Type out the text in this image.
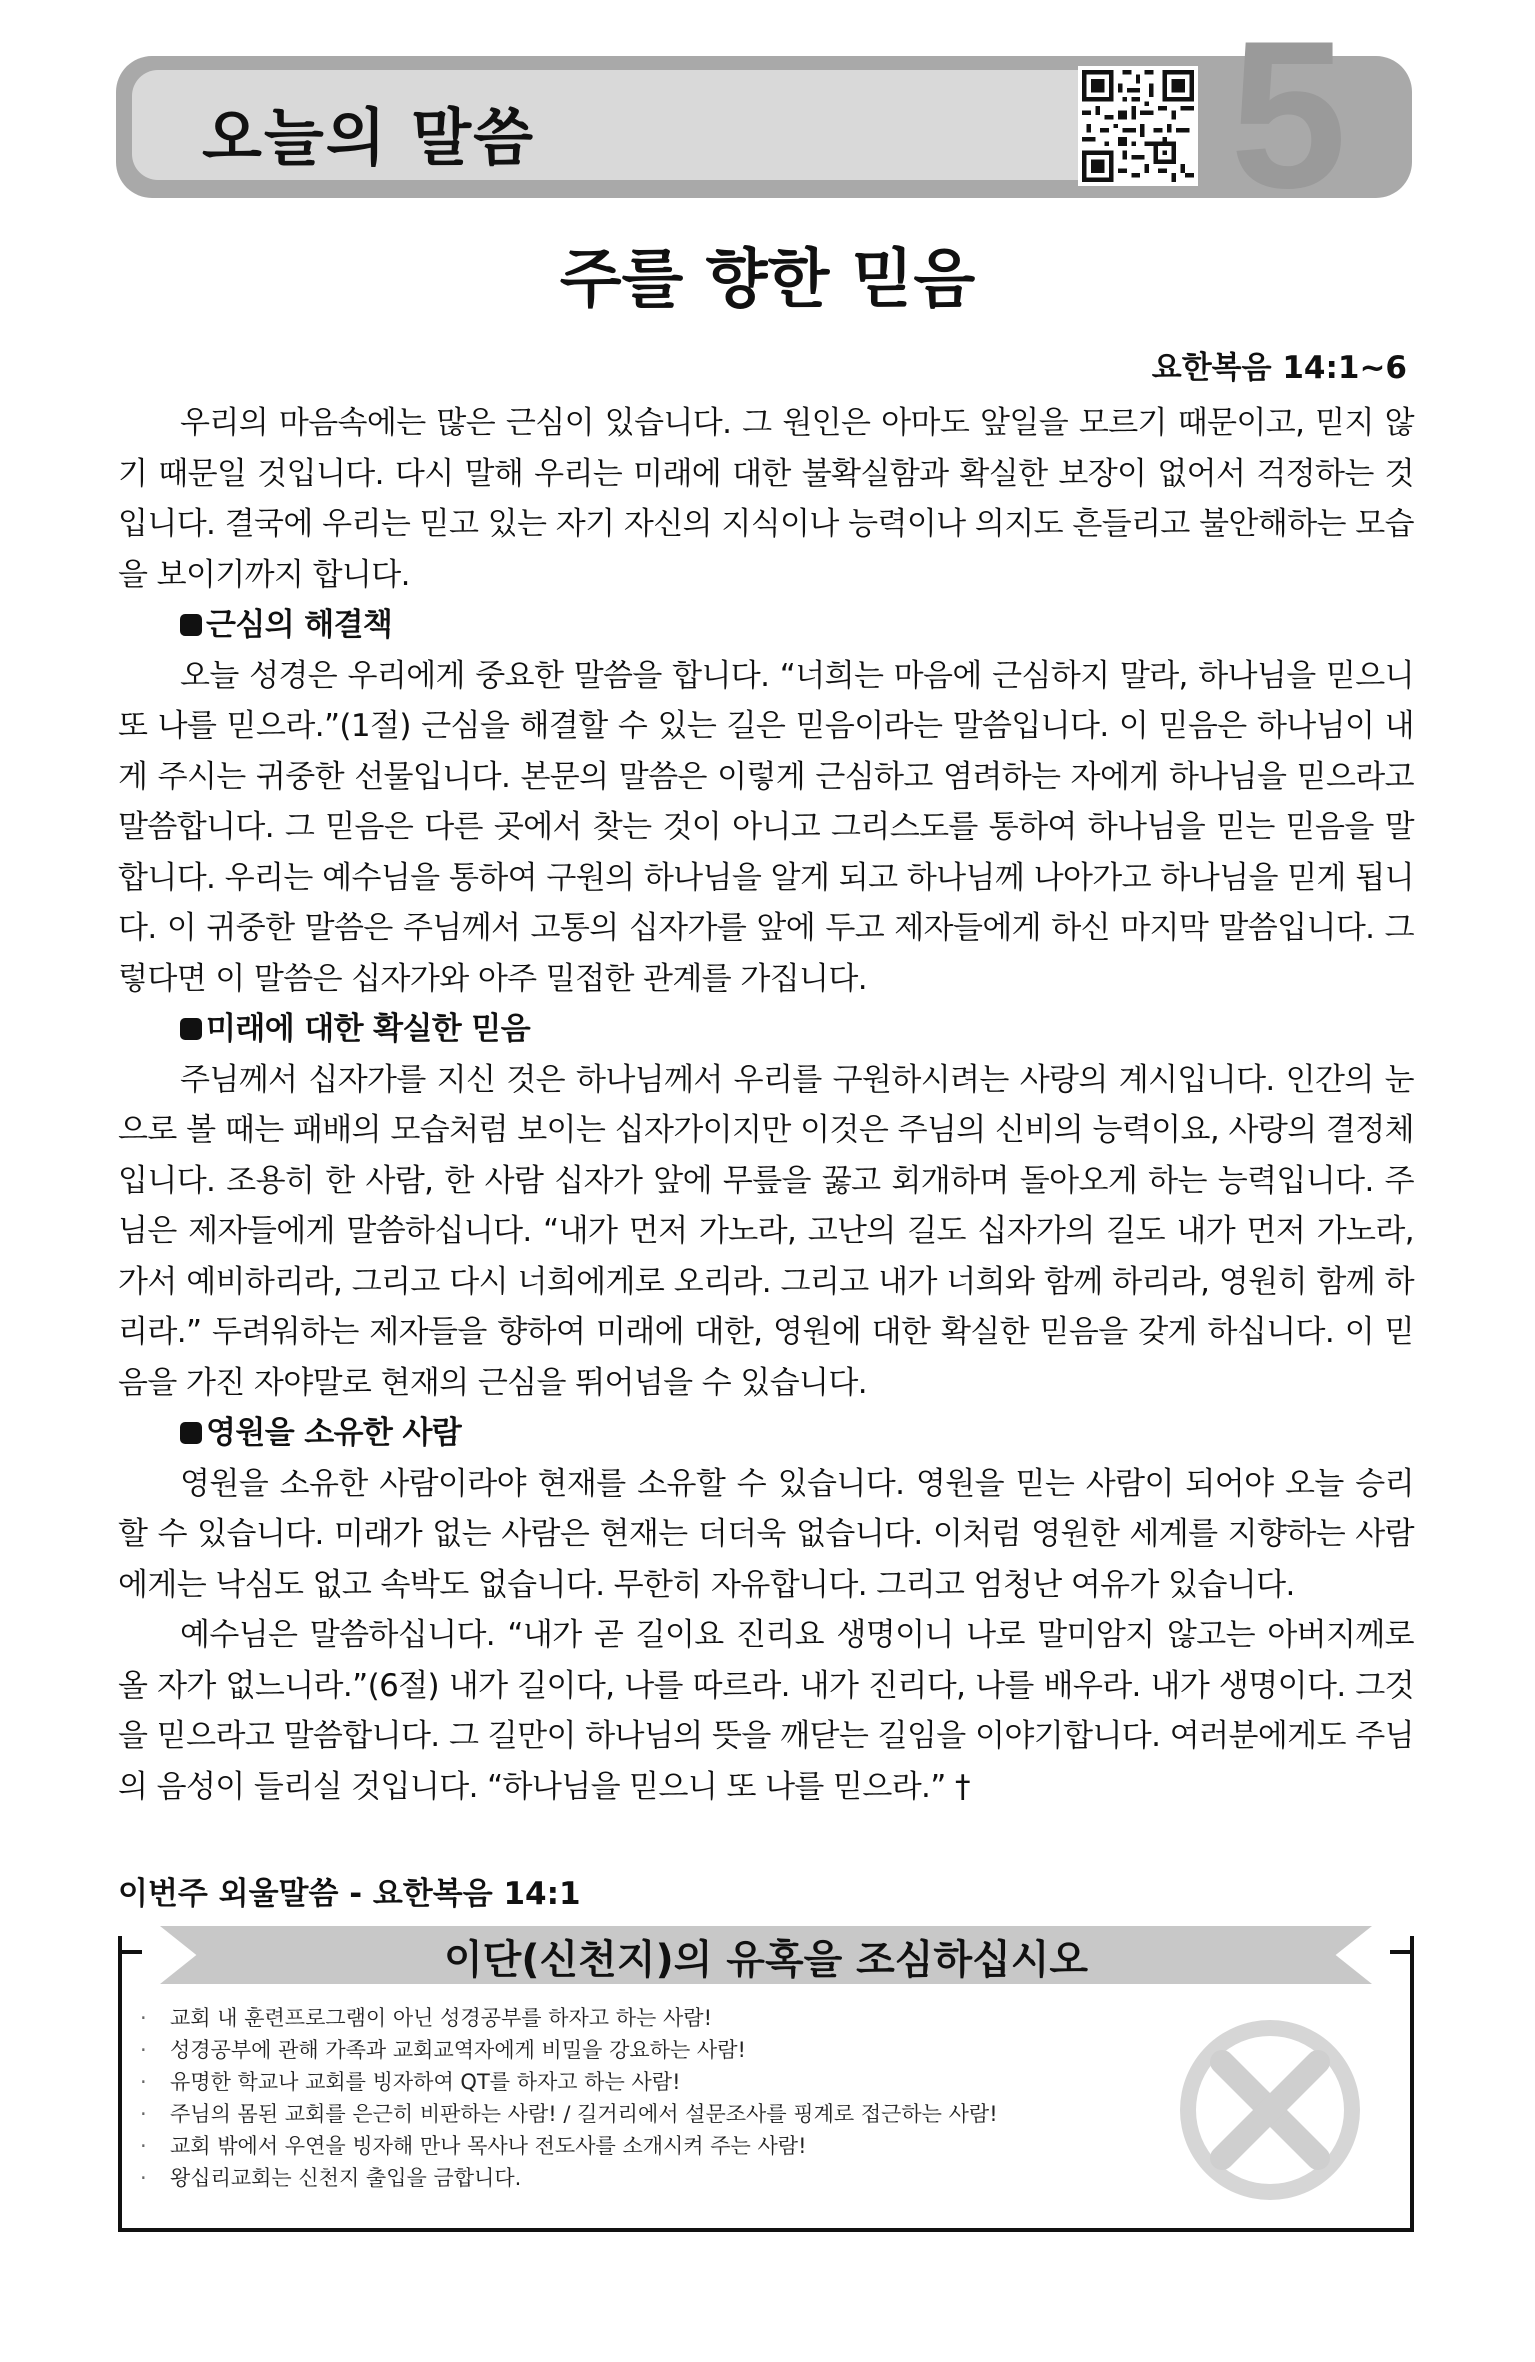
오늘의 말씀	5
주를 향한 믿음
요한복음 14:1~6

우리의 마음속에는 많은 근심이 있습니다. 그 원인은 아마도 앞일을 모르기 때문이고, 믿지 않기 때문일 것입니다. 다시 말해 우리는 미래에 대한 불확실함과 확실한 보장이 없어서 걱정하는 것입니다. 결국에 우리는 믿고 있는 자기 자신의 지식이나 능력이나 의지도 흔들리고 불안해하는 모습을 보이기까지 합니다.

근심의 해결책

오늘 성경은 우리에게 중요한 말씀을 합니다. “너희는 마음에 근심하지 말라, 하나님을 믿으니 또 나를 믿으라.”(1절) 근심을 해결할 수 있는 길은 믿음이라는 말씀입니다. 이 믿음은 하나님이 내게 주시는 귀중한 선물입니다. 본문의 말씀은 이렇게 근심하고 염려하는 자에게 하나님을 믿으라고 말씀합니다. 그 믿음은 다른 곳에서 찾는 것이 아니고 그리스도를 통하여 하나님을 믿는 믿음을 말합니다. 우리는 예수님을 통하여 구원의 하나님을 알게 되고 하나님께 나아가고 하나님을 믿게 됩니다. 이 귀중한 말씀은 주님께서 고통의 십자가를 앞에 두고 제자들에게 하신 마지막 말씀입니다. 그렇다면 이 말씀은 십자가와 아주 밀접한 관계를 가집니다.

미래에 대한 확실한 믿음

주님께서 십자가를 지신 것은 하나님께서 우리를 구원하시려는 사랑의 계시입니다. 인간의 눈으로 볼 때는 패배의 모습처럼 보이는 십자가이지만 이것은 주님의 신비의 능력이요, 사랑의 결정체입니다. 조용히 한 사람, 한 사람 십자가 앞에 무릎을 꿇고 회개하며 돌아오게 하는 능력입니다. 주님은 제자들에게 말씀하십니다. “내가 먼저 가노라, 고난의 길도 십자가의 길도 내가 먼저 가노라, 가서 예비하리라, 그리고 다시 너희에게로 오리라. 그리고 내가 너희와 함께 하리라, 영원히 함께 하리라.” 두려워하는 제자들을 향하여 미래에 대한, 영원에 대한 확실한 믿음을 갖게 하십니다. 이 믿음을 가진 자야말로 현재의 근심을 뛰어넘을 수 있습니다.

영원을 소유한 사람

영원을 소유한 사람이라야 현재를 소유할 수 있습니다. 영원을 믿는 사람이 되어야 오늘 승리할 수 있습니다. 미래가 없는 사람은 현재는 더더욱 없습니다. 이처럼 영원한 세계를 지향하는 사람에게는 낙심도 없고 속박도 없습니다. 무한히 자유합니다. 그리고 엄청난 여유가 있습니다.

예수님은 말씀하십니다. “내가 곧 길이요 진리요 생명이니 나로 말미암지 않고는 아버지께로 올 자가 없느니라.”(6절) 내가 길이다, 나를 따르라. 내가 진리다, 나를 배우라. 내가 생명이다. 그것을 믿으라고 말씀합니다. 그 길만이 하나님의 뜻을 깨닫는 길임을 이야기합니다. 여러분에게도 주님의 음성이 들리실 것입니다. “하나님을 믿으니 또 나를 믿으라.” †

이번주 외울말씀 - 요한복음 14:1
이단(신천지)의 유혹을 조심하십시오
· 교회 내 훈련프로그램이 아닌 성경공부를 하자고 하는 사람!
· 성경공부에 관해 가족과 교회교역자에게 비밀을 강요하는 사람!
· 유명한 학교나 교회를 빙자하여 QT를 하자고 하는 사람!
· 주님의 몸된 교회를 은근히 비판하는 사람! / 길거리에서 설문조사를 핑계로 접근하는 사람!
· 교회 밖에서 우연을 빙자해 만나 목사나 전도사를 소개시켜 주는 사람!
· 왕십리교회는 신천지 출입을 금합니다.
